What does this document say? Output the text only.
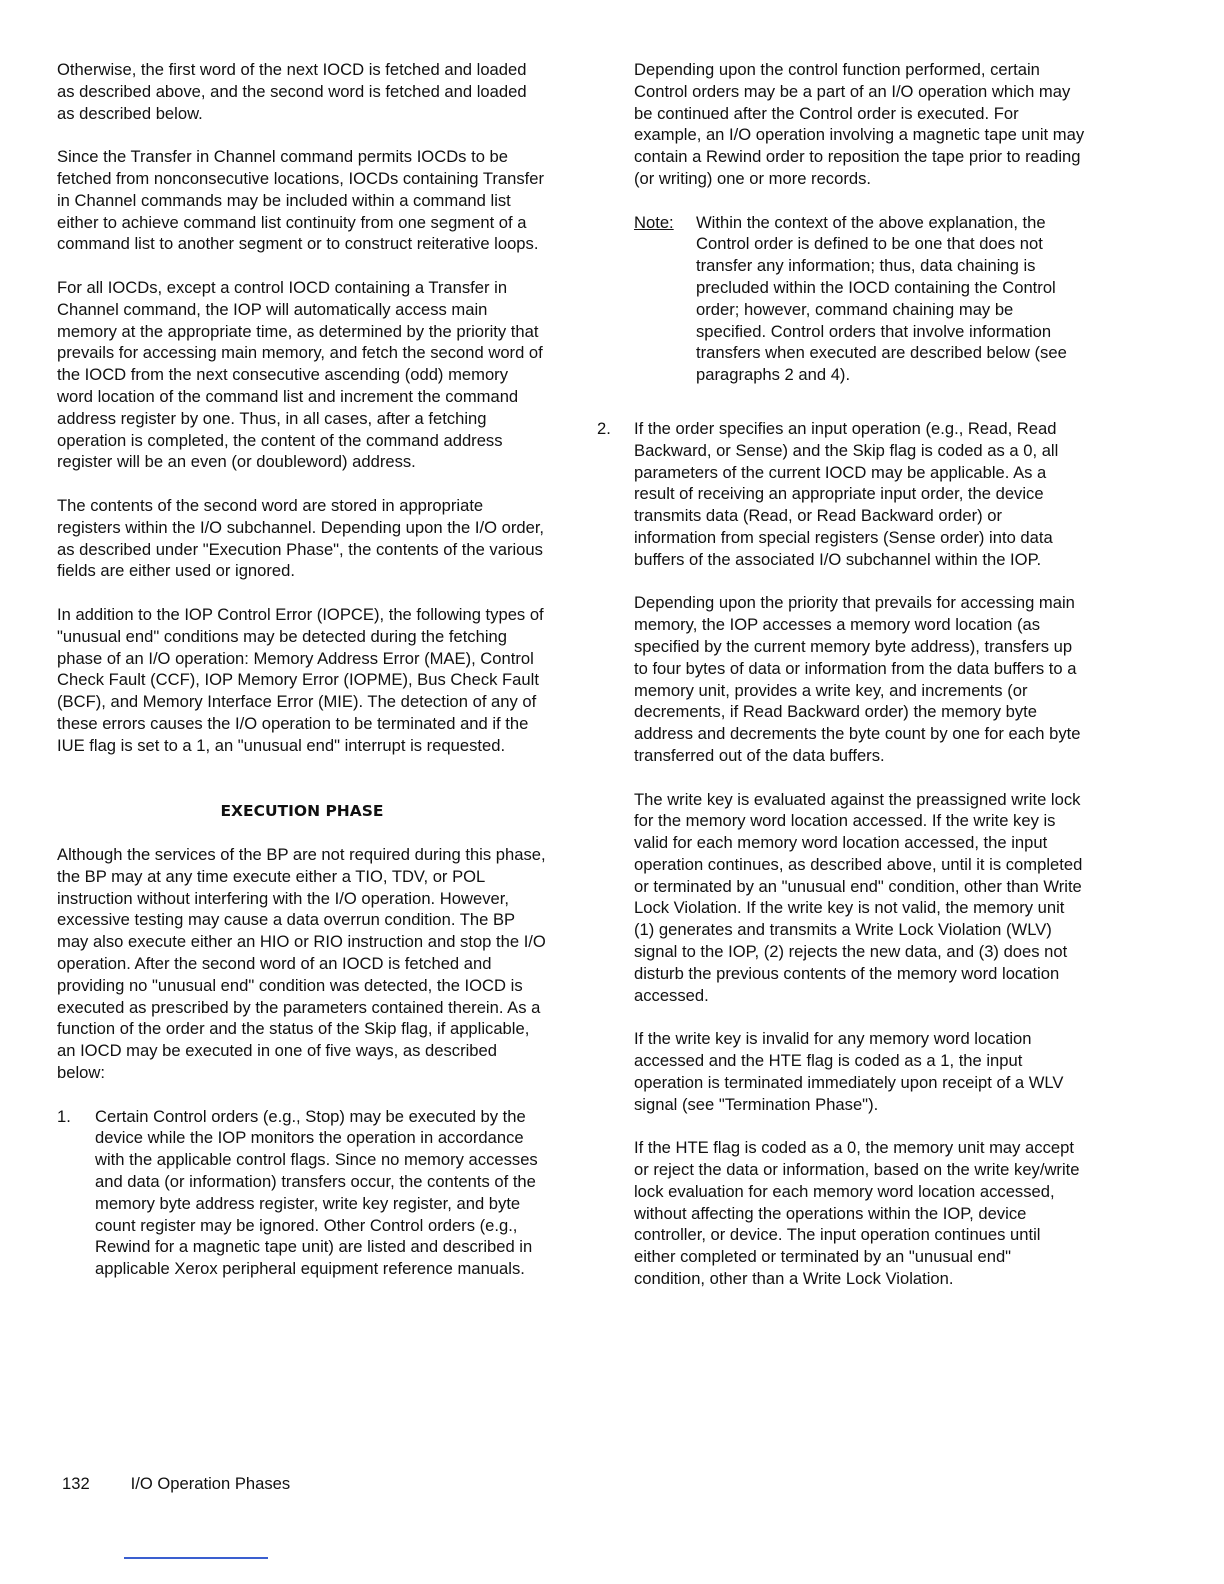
Otherwise, the first word of the next IOCD is fetched and loaded as described above, and the second word is fetched and loaded as described below.

Since the Transfer in Channel command permits IOCDs to be fetched from nonconsecutive locations, IOCDs containing Transfer in Channel commands may be included within a command list either to achieve command list continuity from one segment of a command list to another segment or to construct reiterative loops.

For all IOCDs, except a control IOCD containing a Transfer in Channel command, the IOP will automatically access main memory at the appropriate time, as determined by the priority that prevails for accessing main memory, and fetch the second word of the IOCD from the next consecutive ascending (odd) memory word location of the command list and increment the command address register by one. Thus, in all cases, after a fetching operation is completed, the content of the command address register will be an even (or doubleword) address.

The contents of the second word are stored in appropriate registers within the I/O subchannel. Depending upon the I/O order, as described under "Execution Phase", the contents of the various fields are either used or ignored.

In addition to the IOP Control Error (IOPCE), the following types of "unusual end" conditions may be detected during the fetching phase of an I/O operation: Memory Address Error (MAE), Control Check Fault (CCF), IOP Memory Error (IOPME), Bus Check Fault (BCF), and Memory Interface Error (MIE). The detection of any of these errors causes the I/O operation to be terminated and if the IUE flag is set to a 1, an "unusual end" interrupt is requested.

EXECUTION PHASE

Although the services of the BP are not required during this phase, the BP may at any time execute either a TIO, TDV, or POL instruction without interfering with the I/O operation. However, excessive testing may cause a data overrun condition. The BP may also execute either an HIO or RIO instruction and stop the I/O operation. After the second word of an IOCD is fetched and providing no "unusual end" condition was detected, the IOCD is executed as prescribed by the parameters contained therein. As a function of the order and the status of the Skip flag, if applicable, an IOCD may be executed in one of five ways, as described below:

1. Certain Control orders (e.g., Stop) may be executed by the device while the IOP monitors the operation in accordance with the applicable control flags. Since no memory accesses and data (or information) transfers occur, the contents of the memory byte address register, write key register, and byte count register may be ignored. Other Control orders (e.g., Rewind for a magnetic tape unit) are listed and described in applicable Xerox peripheral equipment reference manuals.

Depending upon the control function performed, certain Control orders may be a part of an I/O operation which may be continued after the Control order is executed. For example, an I/O operation involving a magnetic tape unit may contain a Rewind order to reposition the tape prior to reading (or writing) one or more records.

Note: Within the context of the above explanation, the Control order is defined to be one that does not transfer any information; thus, data chaining is precluded within the IOCD containing the Control order; however, command chaining may be specified. Control orders that involve information transfers when executed are described below (see paragraphs 2 and 4).

2. If the order specifies an input operation (e.g., Read, Read Backward, or Sense) and the Skip flag is coded as a 0, all parameters of the current IOCD may be applicable. As a result of receiving an appropriate input order, the device transmits data (Read, or Read Backward order) or information from special registers (Sense order) into data buffers of the associated I/O subchannel within the IOP.

Depending upon the priority that prevails for accessing main memory, the IOP accesses a memory word location (as specified by the current memory byte address), transfers up to four bytes of data or information from the data buffers to a memory unit, provides a write key, and increments (or decrements, if Read Backward order) the memory byte address and decrements the byte count by one for each byte transferred out of the data buffers.

The write key is evaluated against the preassigned write lock for the memory word location accessed. If the write key is valid for each memory word location accessed, the input operation continues, as described above, until it is completed or terminated by an "unusual end" condition, other than Write Lock Violation. If the write key is not valid, the memory unit (1) generates and transmits a Write Lock Violation (WLV) signal to the IOP, (2) rejects the new data, and (3) does not disturb the previous contents of the memory word location accessed.

If the write key is invalid for any memory word location accessed and the HTE flag is coded as a 1, the input operation is terminated immediately upon receipt of a WLV signal (see "Termination Phase").

If the HTE flag is coded as a 0, the memory unit may accept or reject the data or information, based on the write key/write lock evaluation for each memory word location accessed, without affecting the operations within the IOP, device controller, or device. The input operation continues until either completed or terminated by an "unusual end" condition, other than a Write Lock Violation.

132 I/O Operation Phases
